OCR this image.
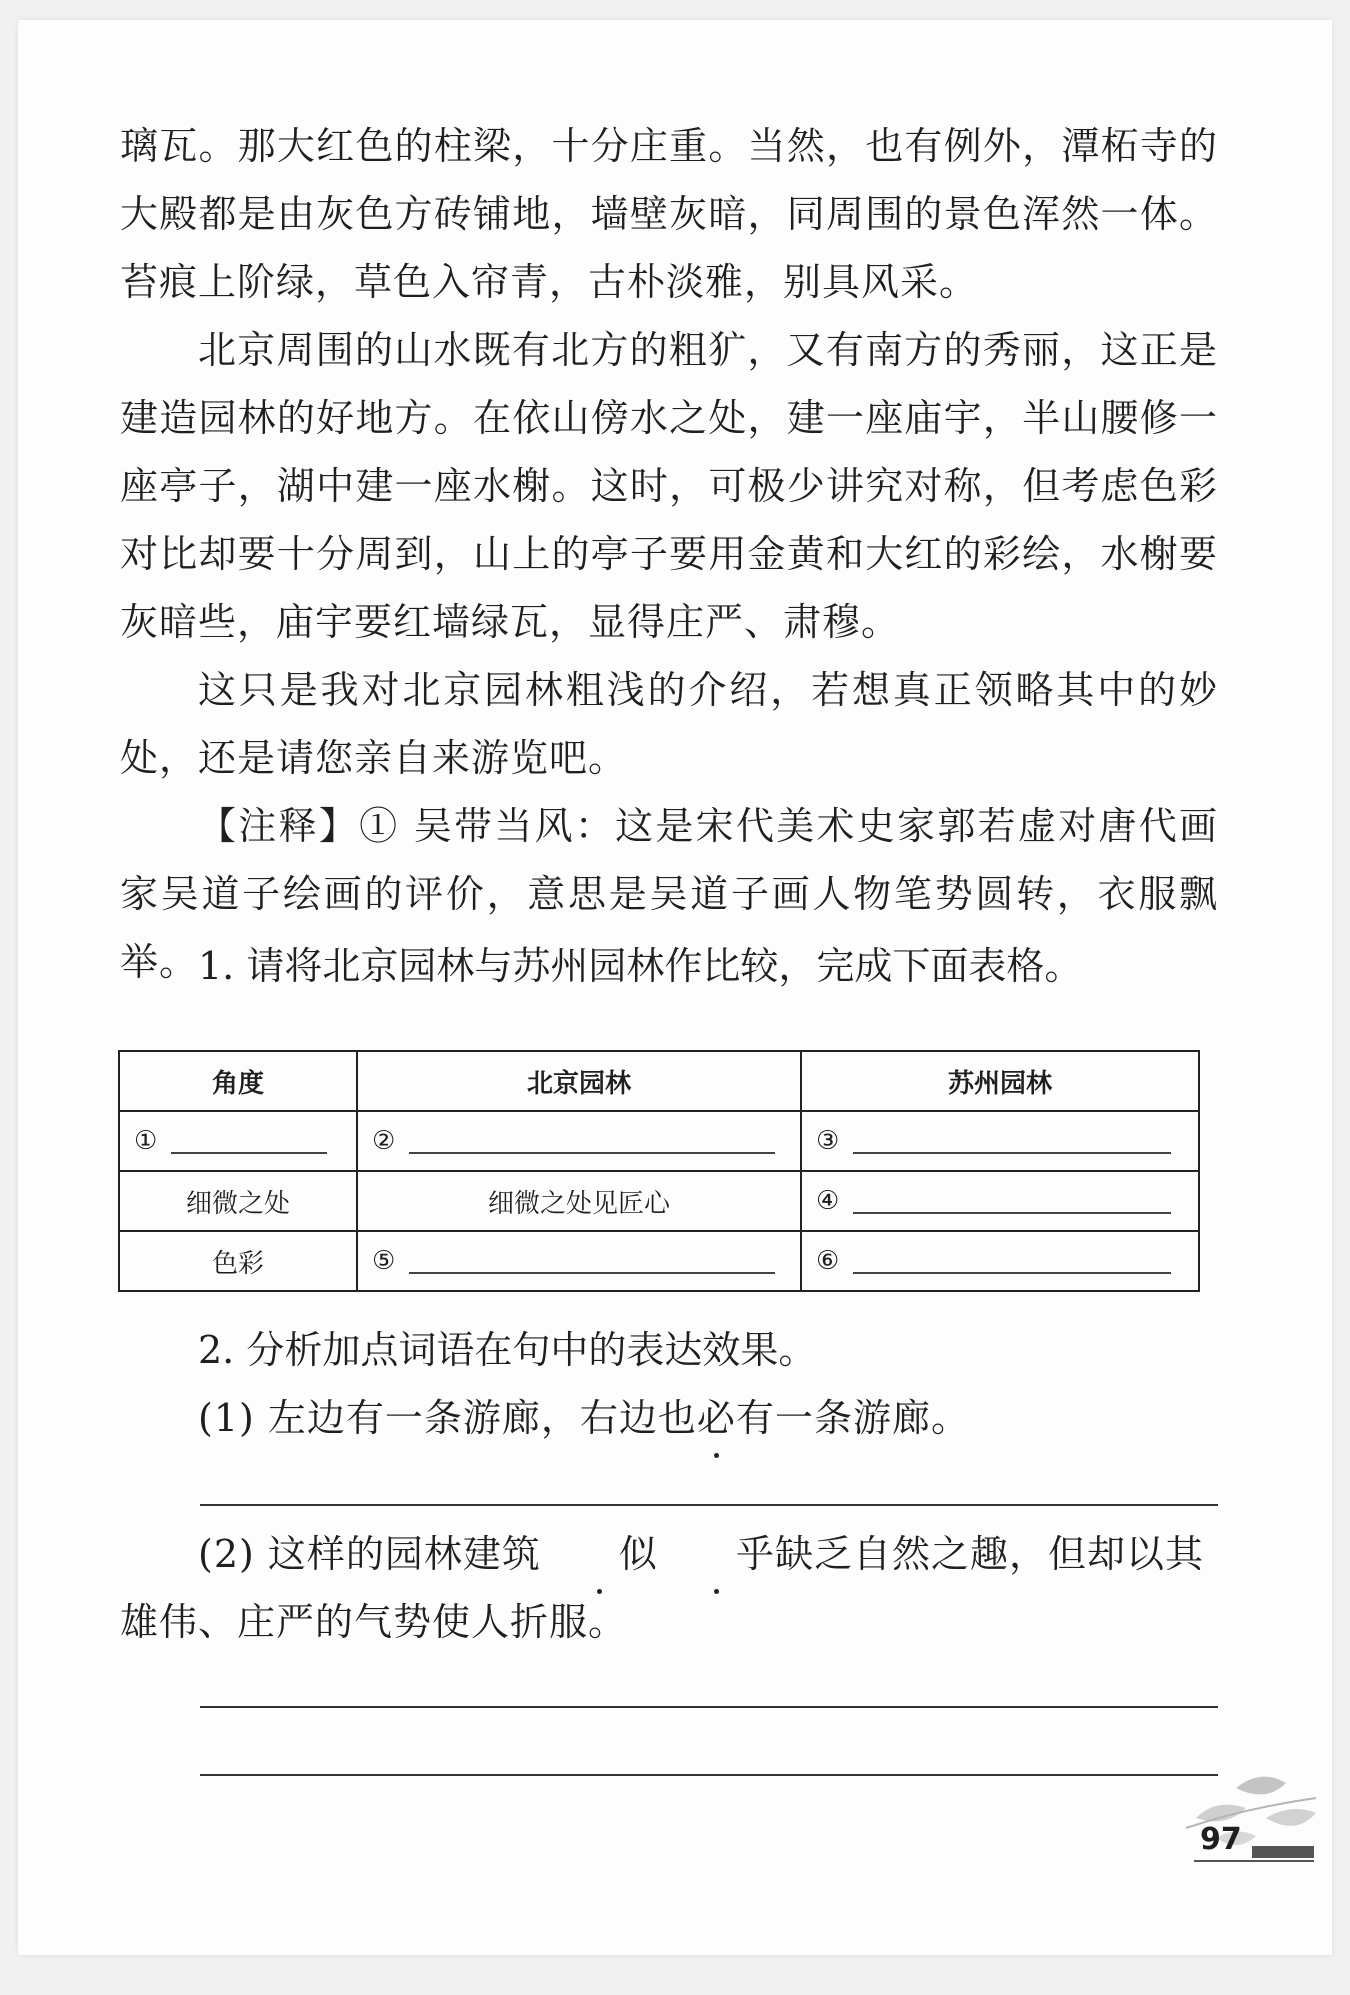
璃瓦。那大红色的柱梁，十分庄重。当然，也有例外，潭柘寺的大殿都是由灰色方砖铺地，墙壁灰暗，同周围的景色浑然一体。苔痕上阶绿，草色入帘青，古朴淡雅，别具风采。

北京周围的山水既有北方的粗犷，又有南方的秀丽，这正是建造园林的好地方。在依山傍水之处，建一座庙宇，半山腰修一座亭子，湖中建一座水榭。这时，可极少讲究对称，但考虑色彩对比却要十分周到，山上的亭子要用金黄和大红的彩绘，水榭要灰暗些，庙宇要红墙绿瓦，显得庄严、肃穆。

这只是我对北京园林粗浅的介绍，若想真正领略其中的妙处，还是请您亲自来游览吧。

【注释】① 吴带当风：这是宋代美术史家郭若虚对唐代画家吴道子绘画的评价，意思是吴道子画人物笔势圆转，衣服飘举。 1. 请将北京园林与苏州园林作比较，完成下面表格。

角度	北京园林	苏州园林
①	②	③
细微之处	细微之处见匠心	④
色彩	⑤	⑥

2. 分析加点词语在句中的表达效果。

(1) 左边有一条游廊，右边也必有一条游廊。

(2) 这样的园林建筑 似 乎缺乏自然之趣，但却以其雄伟、庄严的气势使人折服。

97
